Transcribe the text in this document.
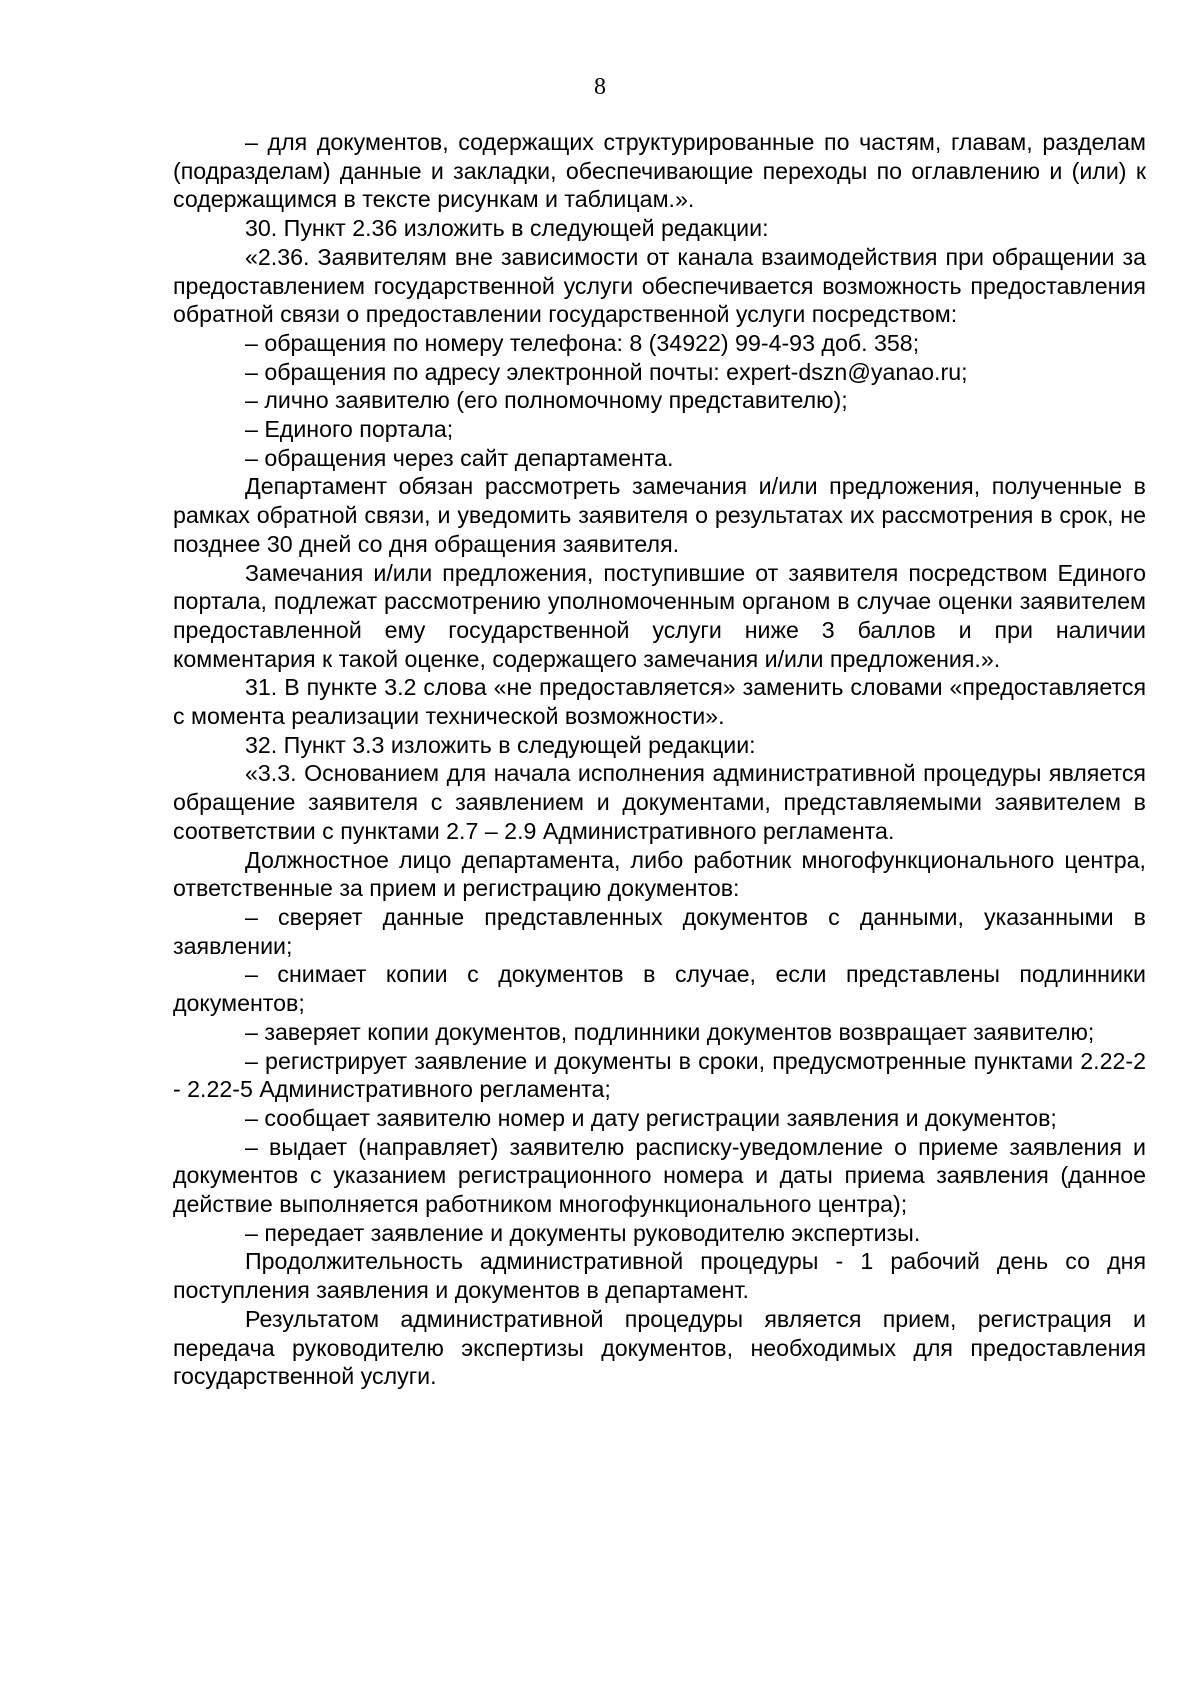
8

– для документов, содержащих структурированные по частям, главам, разделам (подразделам) данные и закладки, обеспечивающие переходы по оглавлению и (или) к содержащимся в тексте рисункам и таблицам.».

30. Пункт 2.36 изложить в следующей редакции:

«2.36. Заявителям вне зависимости от канала взаимодействия при обращении за предоставлением государственной услуги обеспечивается возможность предоставления обратной связи о предоставлении государственной услуги посредством:

– обращения по номеру телефона: 8 (34922) 99-4-93 доб. 358;

– обращения по адресу электронной почты: expert-dszn@yanao.ru;

– лично заявителю (его полномочному представителю);

– Единого портала;

– обращения через сайт департамента.

Департамент обязан рассмотреть замечания и/или предложения, полученные в рамках обратной связи, и уведомить заявителя о результатах их рассмотрения в срок, не позднее 30 дней со дня обращения заявителя.

Замечания и/или предложения, поступившие от заявителя посредством Единого портала, подлежат рассмотрению уполномоченным органом в случае оценки заявителем предоставленной ему государственной услуги ниже 3 баллов и при наличии комментария к такой оценке, содержащего замечания и/или предложения.».

31. В пункте 3.2 слова «не предоставляется» заменить словами «предоставляется с момента реализации технической возможности».

32. Пункт 3.3 изложить в следующей редакции:

«3.3. Основанием для начала исполнения административной процедуры является обращение заявителя с заявлением и документами, представляемыми заявителем в соответствии с пунктами 2.7 – 2.9 Административного регламента.

Должностное лицо департамента, либо работник многофункционального центра, ответственные за прием и регистрацию документов:

– сверяет данные представленных документов с данными, указанными в заявлении;

– снимает копии с документов в случае, если представлены подлинники документов;

– заверяет копии документов, подлинники документов возвращает заявителю;

– регистрирует заявление и документы в сроки, предусмотренные пунктами 2.22-2 - 2.22-5 Административного регламента;

– сообщает заявителю номер и дату регистрации заявления и документов;

– выдает (направляет) заявителю расписку-уведомление о приеме заявления и документов с указанием регистрационного номера и даты приема заявления (данное действие выполняется работником многофункционального центра);

– передает заявление и документы руководителю экспертизы.

Продолжительность административной процедуры - 1 рабочий день со дня поступления заявления и документов в департамент.

Результатом административной процедуры является прием, регистрация и передача руководителю экспертизы документов, необходимых для предоставления государственной услуги.
